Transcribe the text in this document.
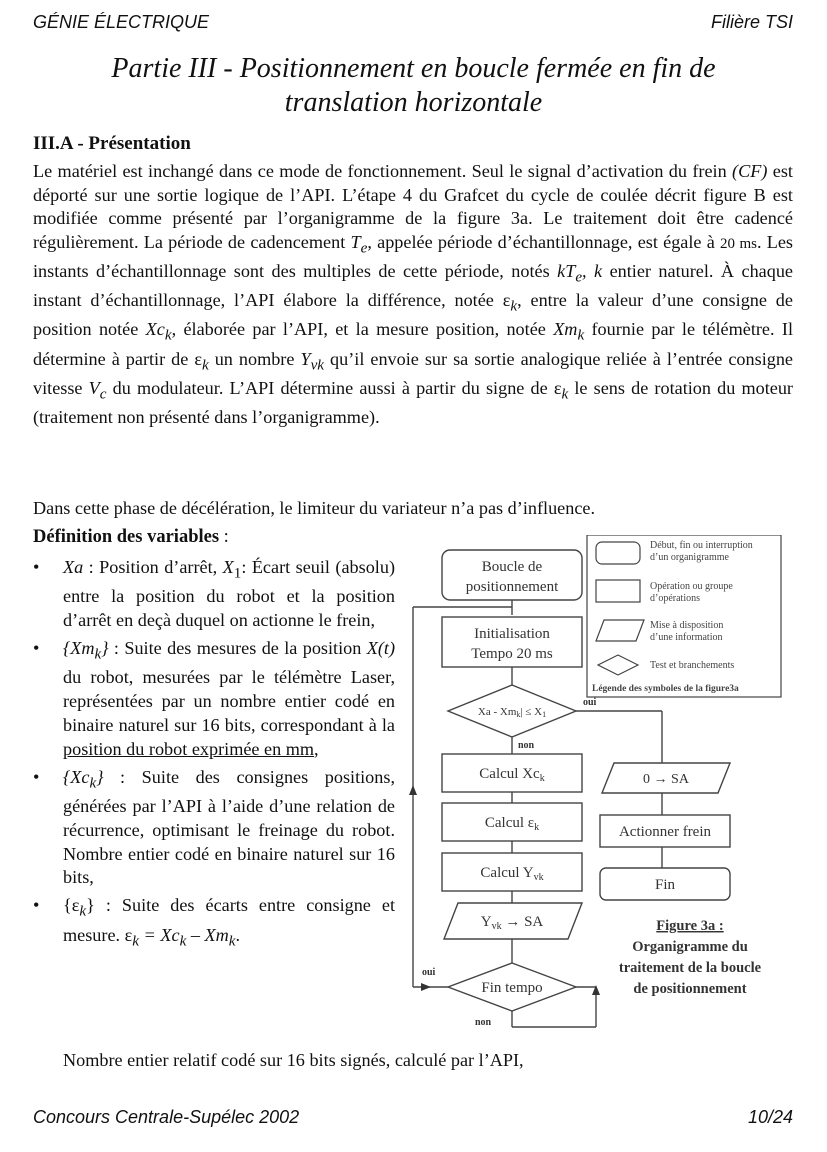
GÉNIE ÉLECTRIQUE	Filière TSI
Partie III - Positionnement en boucle fermée en fin de
translation horizontale
III.A - Présentation
Le matériel est inchangé dans ce mode de fonctionnement. Seul le signal d’activation du frein (CF) est déporté sur une sortie logique de l’API. L’étape 4 du Grafcet du cycle de coulée décrit figure B est modifiée comme présenté par l’organigramme de la figure 3a. Le traitement doit être cadencé régulièrement. La période de cadencement $T_e$, appelée période d’échantillonnage, est égale à 20 ms. Les instants d’échantillonnage sont des multiples de cette période, notés $kT_e$, k entier naturel. À chaque instant d’échantillonnage, l’API élabore la différence, notée $\varepsilon_k$, entre la valeur d’une consigne de position notée $Xc_k$, élaborée par l’API, et la mesure position, notée $Xm_k$ fournie par le télémètre. Il détermine à partir de $\varepsilon_k$ un nombre $Y_{vk}$ qu’il envoie sur sa sortie analogique reliée à l’entrée consigne vitesse $V_c$ du modulateur. L’API détermine aussi à partir du signe de $\varepsilon_k$ le sens de rotation du moteur (traitement non présenté dans l’organigramme).
Dans cette phase de décélération, le limiteur du variateur n’a pas d’influence.
Définition des variables :
• Xa : Position d’arrêt, $X_1$: Écart seuil (absolu) entre la position du robot et la position d’arrêt en deçà duquel on actionne le frein,
• $\{Xm_k\}$ : Suite des mesures de la position X(t) du robot, mesurées par le télémètre Laser, représentées par un nombre entier codé en binaire naturel sur 16 bits, correspondant à la position du robot exprimée en mm,
• $\{Xc_k\}$ : Suite des consignes positions, générées par l’API à l’aide d’une relation de récurrence, optimisant le freinage du robot. Nombre entier codé en binaire naturel sur 16 bits,
• $\{\varepsilon_k\}$ : Suite des écarts entre consigne et mesure. $\varepsilon_k = Xc_k - Xm_k$.
Nombre entier relatif codé sur 16 bits signés, calculé par l’API,
Début, fin ou interruption
d’un organigramme
Opération ou groupe
d’opérations
Mise à disposition
d’une information
Test et branchements
Légende des symboles de la figure3a
Boucle de
positionnement
Initialisation
Tempo 20 ms
Calcul $Xc_k$
Calcul $\varepsilon_k$
Calcul $Y_{vk}$
$Y_{vk}$ → SA
Fin tempo
0 → SA
Actionner frein
Fin
Xa - Xmk| ≤ X1
oui
non
oui
non
Figure 3a :
Organigramme du
traitement de la boucle
de positionnement
Concours Centrale-Supélec 2002	10/24
